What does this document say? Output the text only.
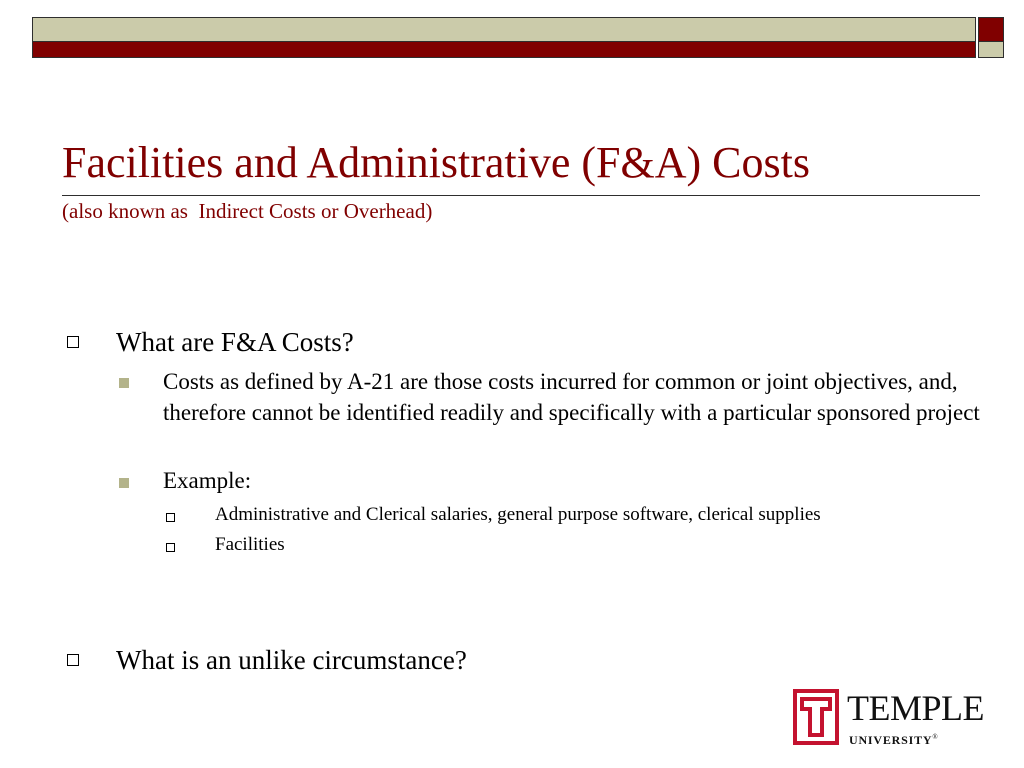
Facilities and Administrative (F&A) Costs
(also known as  Indirect Costs or Overhead)
What are F&A Costs?
Costs as defined by A-21 are those costs incurred for common or joint objectives, and, therefore cannot be identified readily and specifically with a particular sponsored project
Example:
Administrative and Clerical salaries, general purpose software, clerical supplies
Facilities
What is an unlike circumstance?
TEMPLE
UNIVERSITY®
